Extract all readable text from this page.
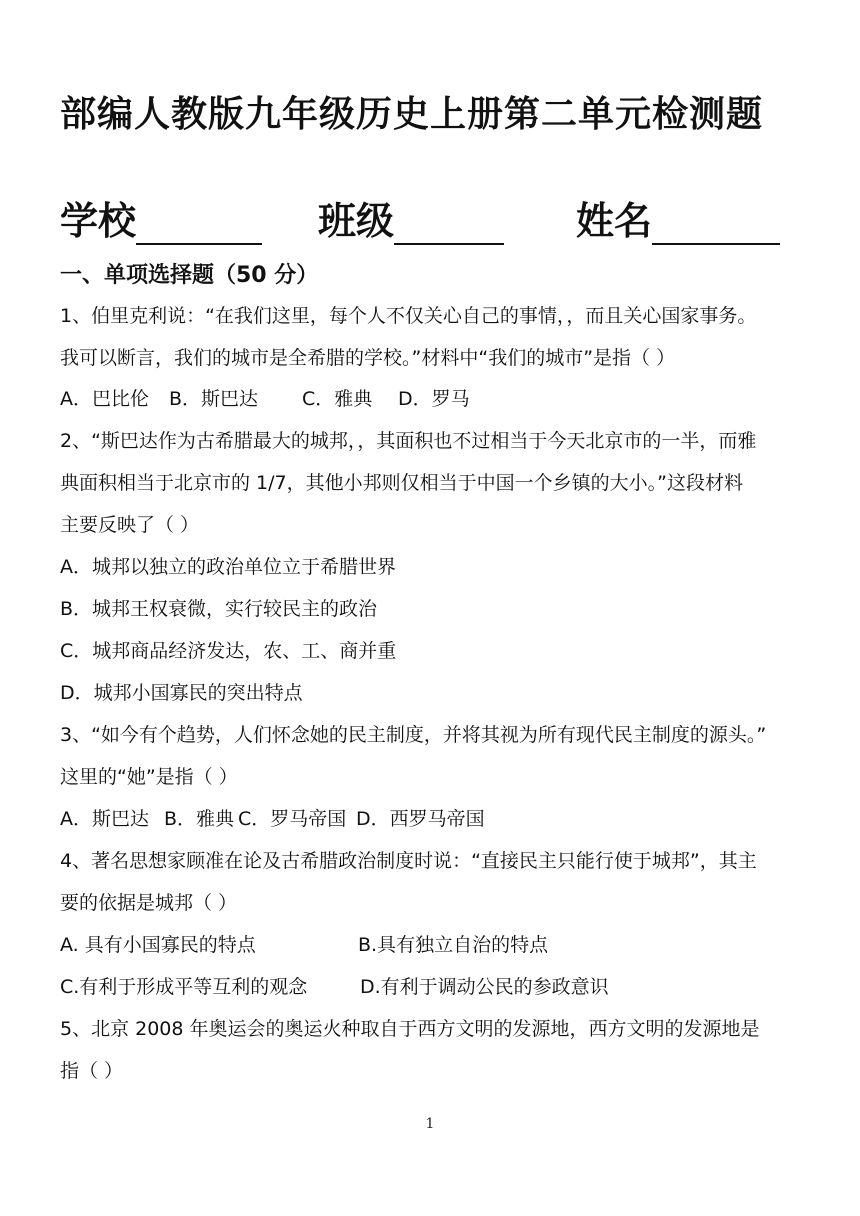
部编人教版九年级历史上册第二单元检测题
学校	班级	姓名
一、单项选择题（50 分）
1、伯里克利说：“在我们这里，每个人不仅关心自己的事情，，而且关心国家事务。
我可以断言，我们的城市是全希腊的学校。”材料中“我们的城市”是指（ ）
A．巴比伦 B．斯巴达 C．雅典 D．罗马
2、“斯巴达作为古希腊最大的城邦，，其面积也不过相当于今天北京市的一半，而雅
典面积相当于北京市的 1/7，其他小邦则仅相当于中国一个乡镇的大小。”这段材料
主要反映了（ ）
A．城邦以独立的政治单位立于希腊世界
B．城邦王权衰微，实行较民主的政治
C．城邦商品经济发达，农、工、商并重
D．城邦小国寡民的突出特点
3、“如今有个趋势，人们怀念她的民主制度，并将其视为所有现代民主制度的源头。”
这里的“她”是指（ ）
A．斯巴达 B．雅典 C．罗马帝国 D．西罗马帝国
4、著名思想家顾准在论及古希腊政治制度时说：“直接民主只能行使于城邦”，其主
要的依据是城邦（ ）
A. 具有小国寡民的特点	B.具有独立自治的特点
C.有利于形成平等互利的观念	D.有利于调动公民的参政意识
5、北京 2008 年奥运会的奥运火种取自于西方文明的发源地，西方文明的发源地是
指（ ）
1
